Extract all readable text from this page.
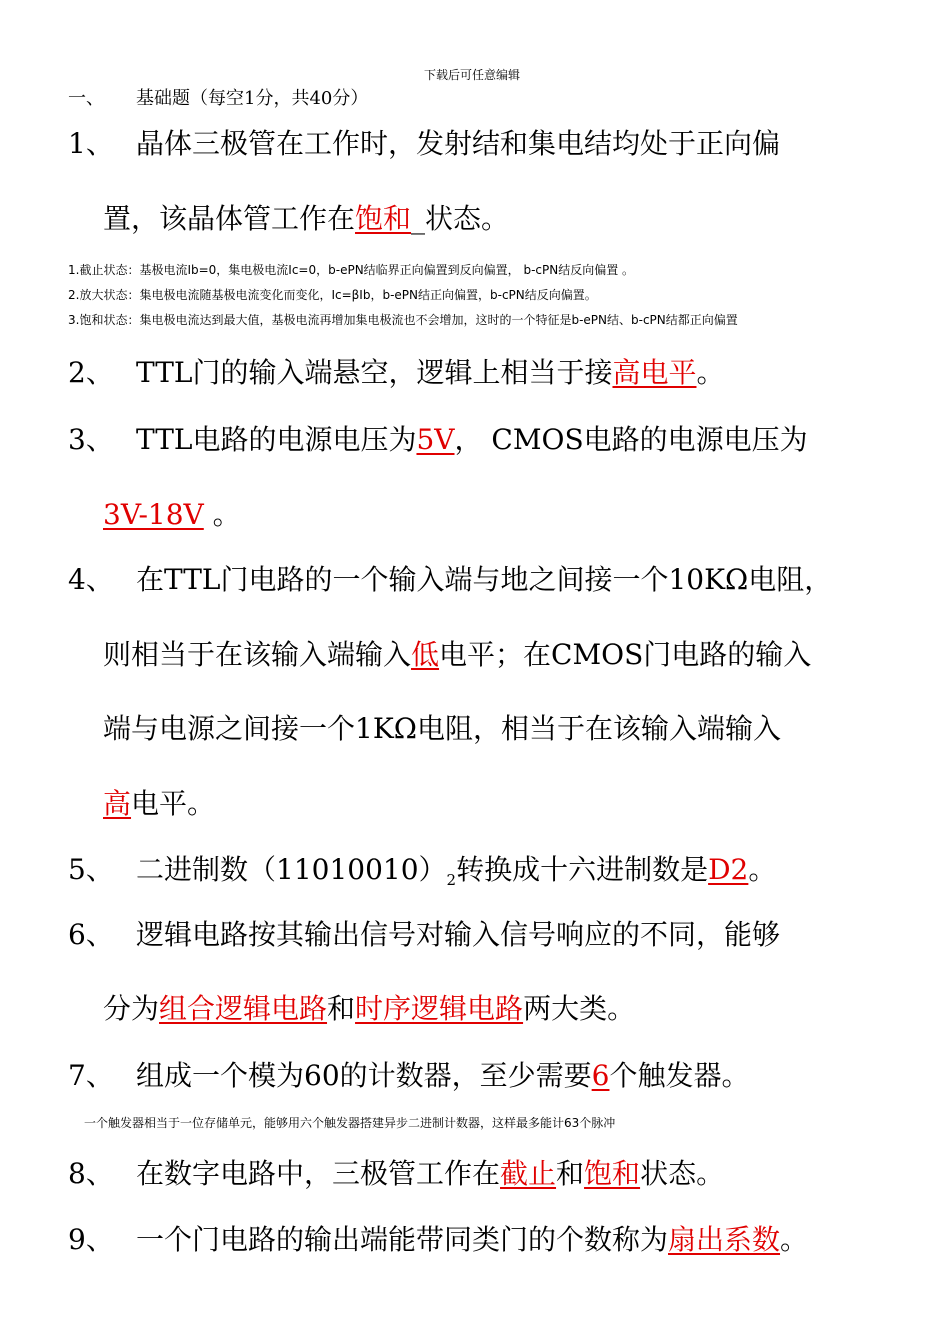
下载后可任意编辑
一、 基础题（每空1分，共40分）
1、 晶体三极管在工作时，发射结和集电结均处于正向偏
置，该晶体管工作在饱和_状态。
1.截止状态：基极电流Ib=0，集电极电流Ic=0，b-ePN结临界正向偏置到反向偏置， b-cPN结反向偏置 。
2.放大状态：集电极电流随基极电流变化而变化，Ic=βIb，b-ePN结正向偏置，b-cPN结反向偏置。
3.饱和状态：集电极电流达到最大值，基极电流再增加集电极流也不会增加，这时的一个特征是b-ePN结、b-cPN结都正向偏置
2、 TTL门的输入端悬空，逻辑上相当于接高电平。
3、 TTL电路的电源电压为5V， CMOS电路的电源电压为
3V-18V 。
4、 在TTL门电路的一个输入端与地之间接一个10KΩ电阻，
则相当于在该输入端输入低电平；在CMOS门电路的输入
端与电源之间接一个1KΩ电阻，相当于在该输入端输入
高电平。
5、 二进制数$(11010010)_2$转换成十六进制数是D2。
6、 逻辑电路按其输出信号对输入信号响应的不同，能够
分为组合逻辑电路和时序逻辑电路两大类。
7、 组成一个模为60的计数器，至少需要6个触发器。
一个触发器相当于一位存储单元，能够用六个触发器搭建异步二进制计数器，这样最多能计63个脉冲
8、 在数字电路中，三极管工作在截止和饱和状态。
9、 一个门电路的输出端能带同类门的个数称为扇出系数。
